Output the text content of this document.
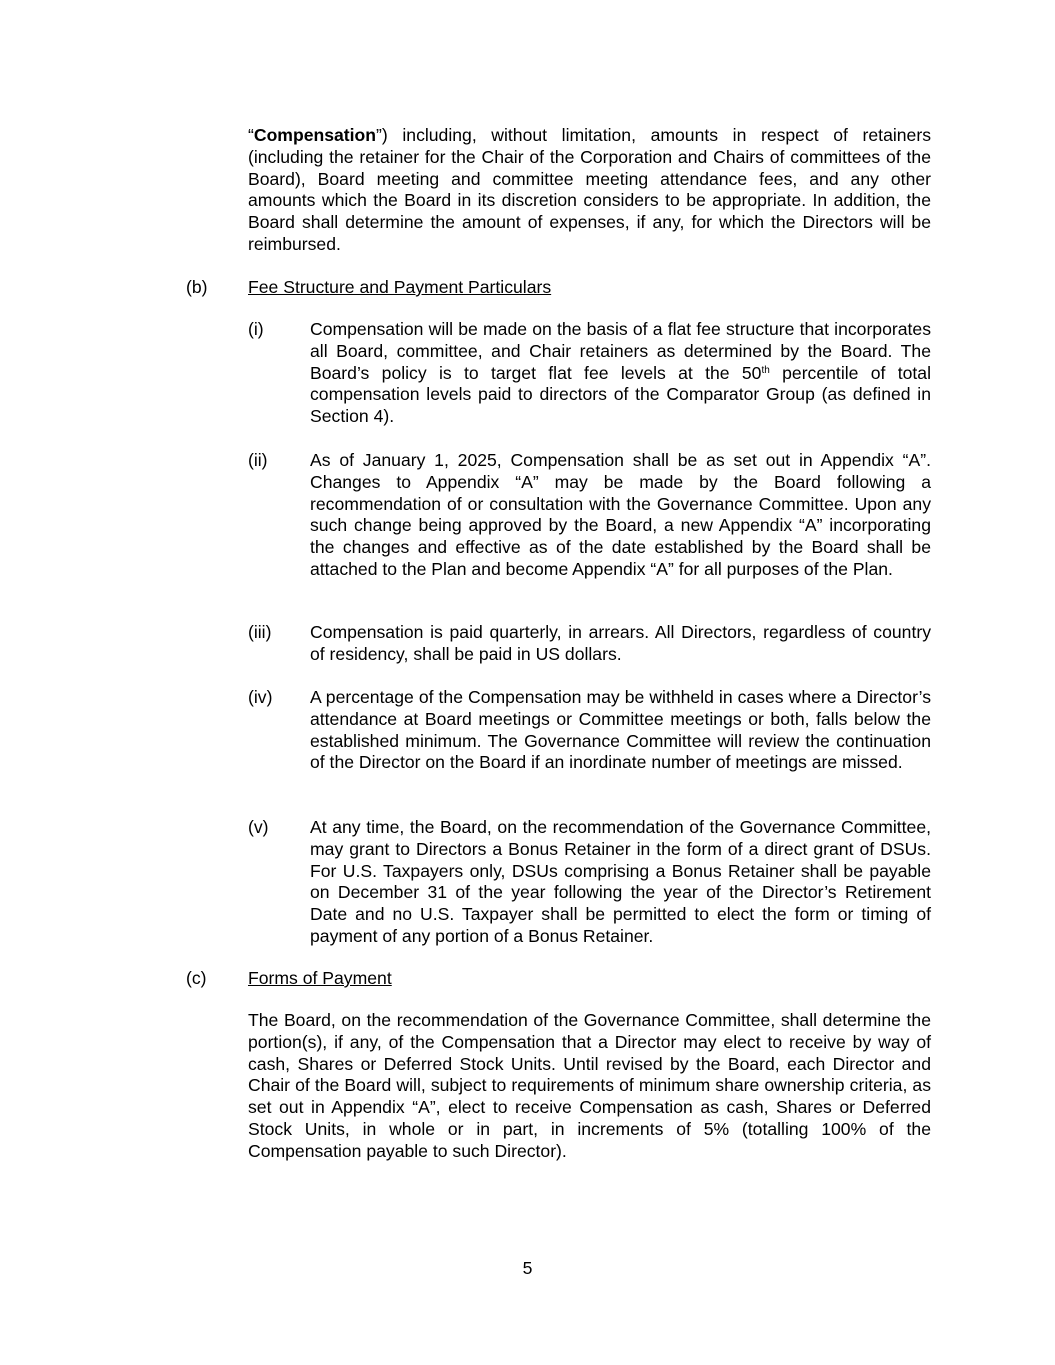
“Compensation”) including, without limitation, amounts in respect of retainers (including the retainer for the Chair of the Corporation and Chairs of committees of the Board), Board meeting and committee meeting attendance fees, and any other amounts which the Board in its discretion considers to be appropriate. In addition, the Board shall determine the amount of expenses, if any, for which the Directors will be reimbursed.

(b) Fee Structure and Payment Particulars
(i)	Compensation will be made on the basis of a flat fee structure that incorporates all Board, committee, and Chair retainers as determined by the Board. The Board’s policy is to target flat fee levels at the 50th percentile of total compensation levels paid to directors of the Comparator Group (as defined in Section 4).

(ii) As of January 1, 2025, Compensation shall be as set out in Appendix “A”. Changes to Appendix “A” may be made by the Board following a recommendation of or consultation with the Governance Committee. Upon any such change being approved by the Board, a new Appendix “A” incorporating the changes and effective as of the date established by the Board shall be attached to the Plan and become Appendix “A” for all purposes of the Plan.

(iii) Compensation is paid quarterly, in arrears. All Directors, regardless of country of residency, shall be paid in US dollars.

(iv) A percentage of the Compensation may be withheld in cases where a Director’s attendance at Board meetings or Committee meetings or both, falls below the established minimum. The Governance Committee will review the continuation of the Director on the Board if an inordinate number of meetings are missed.

(v) At any time, the Board, on the recommendation of the Governance Committee, may grant to Directors a Bonus Retainer in the form of a direct grant of DSUs. For U.S. Taxpayers only, DSUs comprising a Bonus Retainer shall be payable on December 31 of the year following the year of the Director’s Retirement Date and no U.S. Taxpayer shall be permitted to elect the form or timing of payment of any portion of a Bonus Retainer.

(c) Forms of Payment

The Board, on the recommendation of the Governance Committee, shall determine the portion(s), if any, of the Compensation that a Director may elect to receive by way of cash, Shares or Deferred Stock Units. Until revised by the Board, each Director and Chair of the Board will, subject to requirements of minimum share ownership criteria, as set out in Appendix “A”, elect to receive Compensation as cash, Shares or Deferred Stock Units, in whole or in part, in increments of 5% (totalling 100% of the Compensation payable to such Director).

5
